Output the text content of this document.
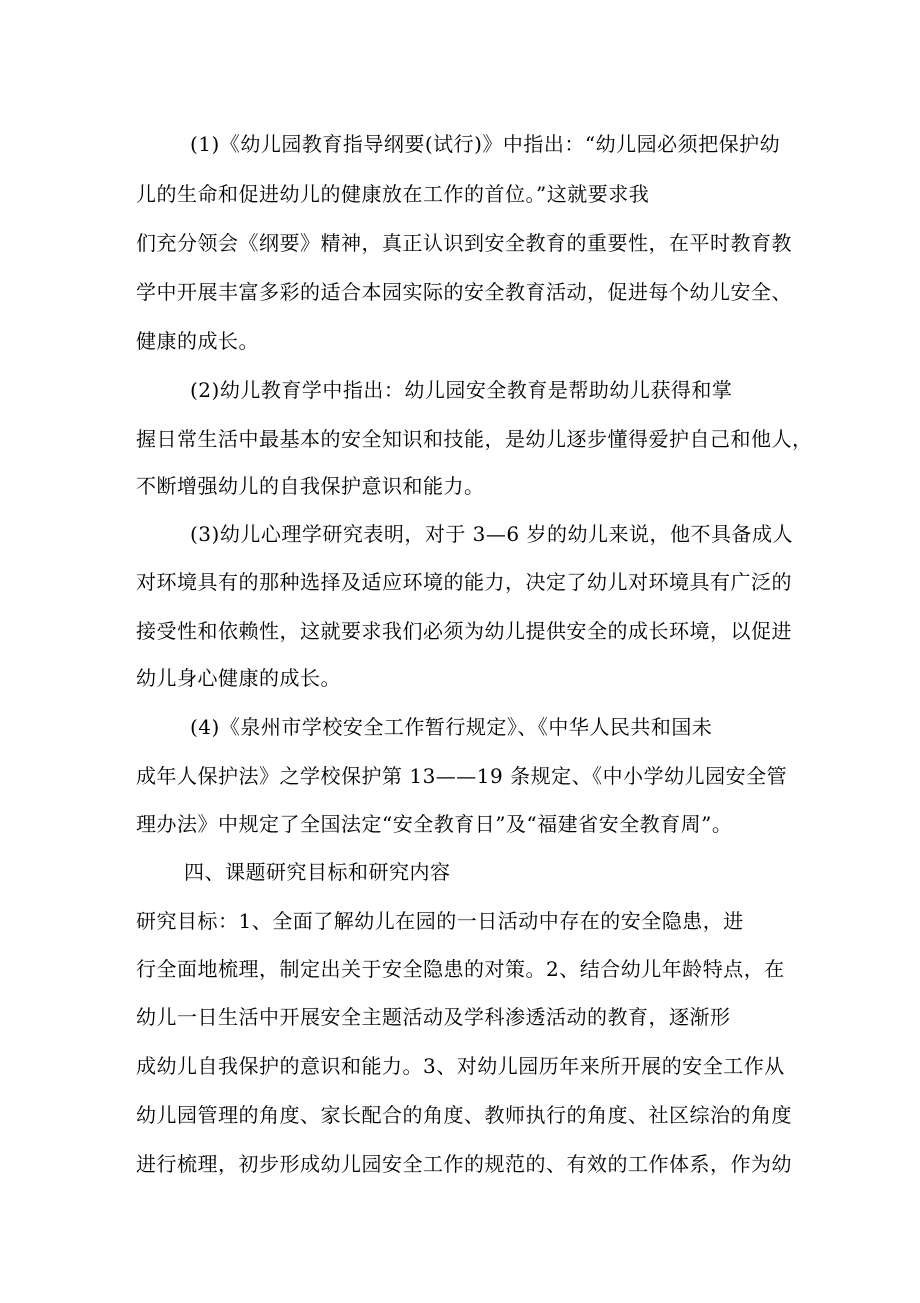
(1)《幼儿园教育指导纲要(试行)》中指出：“幼儿园必须把保护幼
儿的生命和促进幼儿的健康放在工作的首位。”这就要求我
们充分领会《纲要》精神，真正认识到安全教育的重要性，在平时教育教
学中开展丰富多彩的适合本园实际的安全教育活动，促进每个幼儿安全、
健康的成长。
(2)幼儿教育学中指出：幼儿园安全教育是帮助幼儿获得和掌
握日常生活中最基本的安全知识和技能，是幼儿逐步懂得爱护自己和他人，
不断增强幼儿的自我保护意识和能力。
(3)幼儿心理学研究表明，对于 3—6 岁的幼儿来说，他不具备成人
对环境具有的那种选择及适应环境的能力，决定了幼儿对环境具有广泛的
接受性和依赖性，这就要求我们必须为幼儿提供安全的成长环境，以促进
幼儿身心健康的成长。
(4)《泉州市学校安全工作暂行规定》、《中华人民共和国未
成年人保护法》之学校保护第 13——19 条规定、《中小学幼儿园安全管
理办法》中规定了全国法定“安全教育日”及“福建省安全教育周”。
四、课题研究目标和研究内容
研究目标：1、全面了解幼儿在园的一日活动中存在的安全隐患，进
行全面地梳理，制定出关于安全隐患的对策。2、结合幼儿年龄特点，在
幼儿一日生活中开展安全主题活动及学科渗透活动的教育，逐渐形
成幼儿自我保护的意识和能力。3、对幼儿园历年来所开展的安全工作从
幼儿园管理的角度、家长配合的角度、教师执行的角度、社区综治的角度
进行梳理，初步形成幼儿园安全工作的规范的、有效的工作体系，作为幼
